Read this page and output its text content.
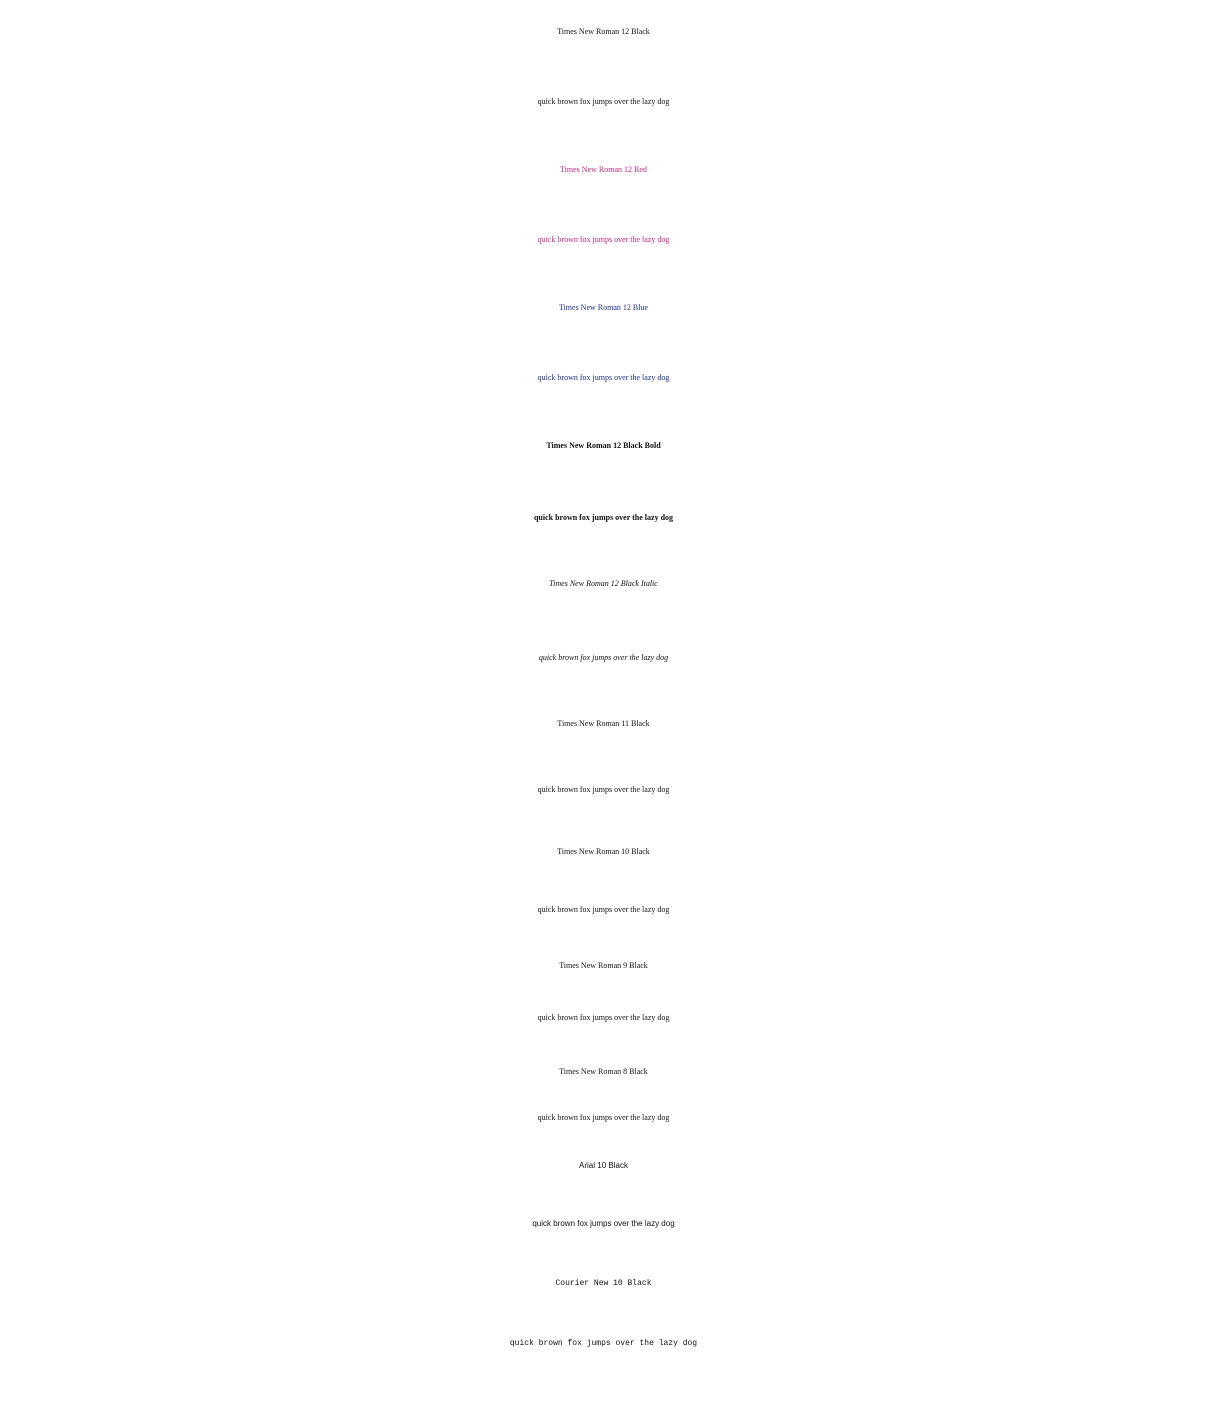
Times New Roman 12 Black

quick brown fox jumps over the lazy dog

Times New Roman 12 Red

quick brown fox jumps over the lazy dog

Times New Roman 12 Blue

quick brown fox jumps over the lazy dog

Times New Roman 12 Black Bold

quick brown fox jumps over the lazy dog

Times New Roman 12 Black Italic

quick brown fox jumps over the lazy dog

Times New Roman 11 Black

quick brown fox jumps over the lazy dog

Times New Roman 10 Black

quick brown fox jumps over the lazy dog

Times New Roman 9 Black

quick brown fox jumps over the lazy dog

Times New Roman 8 Black

quick brown fox jumps over the lazy dog

Arial 10 Black

quick brown fox jumps over the lazy dog

Courier New 10 Black

quick brown fox jumps over the lazy dog
